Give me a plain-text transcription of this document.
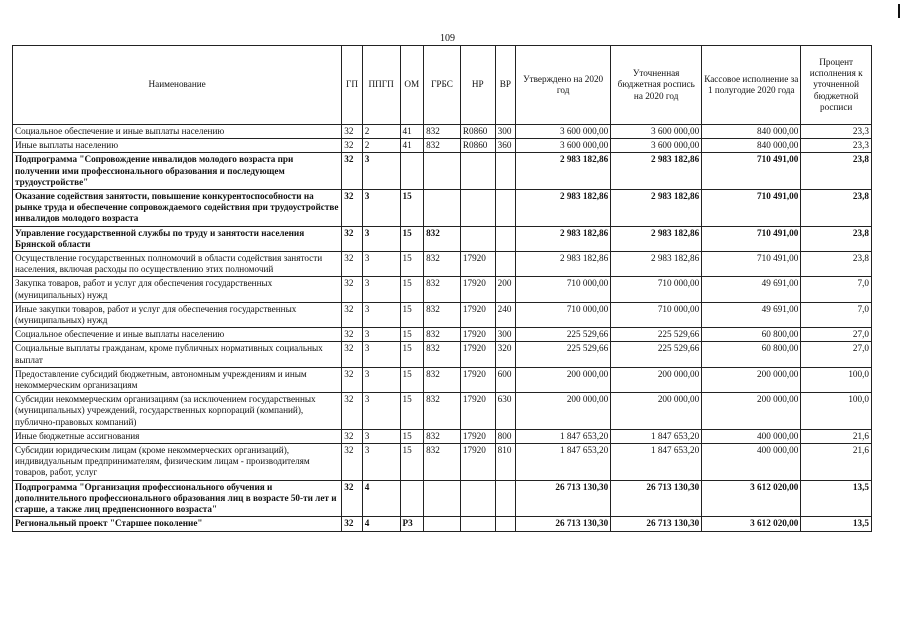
109
Наименование	ГП	ППГП	ОМ	ГРБС	НР	ВР	Утверждено на 2020 год	Уточненная бюджетная роспись на 2020 год	Кассовое исполнение за 1 полугодие 2020 года	Процент исполнения к уточненной бюджетной росписи
Социальное обеспечение и иные выплаты населению	32	2	41	832	R0860	300	3 600 000,00	3 600 000,00	840 000,00	23,3
Иные выплаты населению	32	2	41	832	R0860	360	3 600 000,00	3 600 000,00	840 000,00	23,3
Подпрограмма "Сопровождение инвалидов молодого возраста при получении ими профессионального образования и последующем трудоустройстве"	32	3					2 983 182,86	2 983 182,86	710 491,00	23,8
Оказание содействия занятости, повышение конкурентоспособности на рынке труда и обеспечение сопровождаемого содействия при трудоустройстве инвалидов молодого возраста	32	3	15				2 983 182,86	2 983 182,86	710 491,00	23,8
Управление государственной службы по труду и занятости населения Брянской области	32	3	15	832			2 983 182,86	2 983 182,86	710 491,00	23,8
Осуществление государственных полномочий в области содействия занятости населения, включая расходы по осуществлению этих полномочий	32	3	15	832	17920		2 983 182,86	2 983 182,86	710 491,00	23,8
Закупка товаров, работ и услуг для обеспечения государственных (муниципальных) нужд	32	3	15	832	17920	200	710 000,00	710 000,00	49 691,00	7,0
Иные закупки товаров, работ и услуг для обеспечения государственных (муниципальных) нужд	32	3	15	832	17920	240	710 000,00	710 000,00	49 691,00	7,0
Социальное обеспечение и иные выплаты населению	32	3	15	832	17920	300	225 529,66	225 529,66	60 800,00	27,0
Социальные выплаты гражданам, кроме публичных нормативных социальных выплат	32	3	15	832	17920	320	225 529,66	225 529,66	60 800,00	27,0
Предоставление субсидий бюджетным, автономным учреждениям и иным некоммерческим организациям	32	3	15	832	17920	600	200 000,00	200 000,00	200 000,00	100,0
Субсидии некоммерческим организациям (за исключением государственных (муниципальных) учреждений, государственных корпораций (компаний), публично-правовых компаний)	32	3	15	832	17920	630	200 000,00	200 000,00	200 000,00	100,0
Иные бюджетные ассигнования	32	3	15	832	17920	800	1 847 653,20	1 847 653,20	400 000,00	21,6
Субсидии юридическим лицам (кроме некоммерческих организаций), индивидуальным предпринимателям, физическим лицам - производителям товаров, работ, услуг	32	3	15	832	17920	810	1 847 653,20	1 847 653,20	400 000,00	21,6
Подпрограмма "Организация профессионального обучения и дополнительного профессионального образования лиц в возрасте 50-ти лет и старше, а также лиц предпенсионного возраста"	32	4					26 713 130,30	26 713 130,30	3 612 020,00	13,5
Региональный проект "Старшее поколение"	32	4	P3				26 713 130,30	26 713 130,30	3 612 020,00	13,5
